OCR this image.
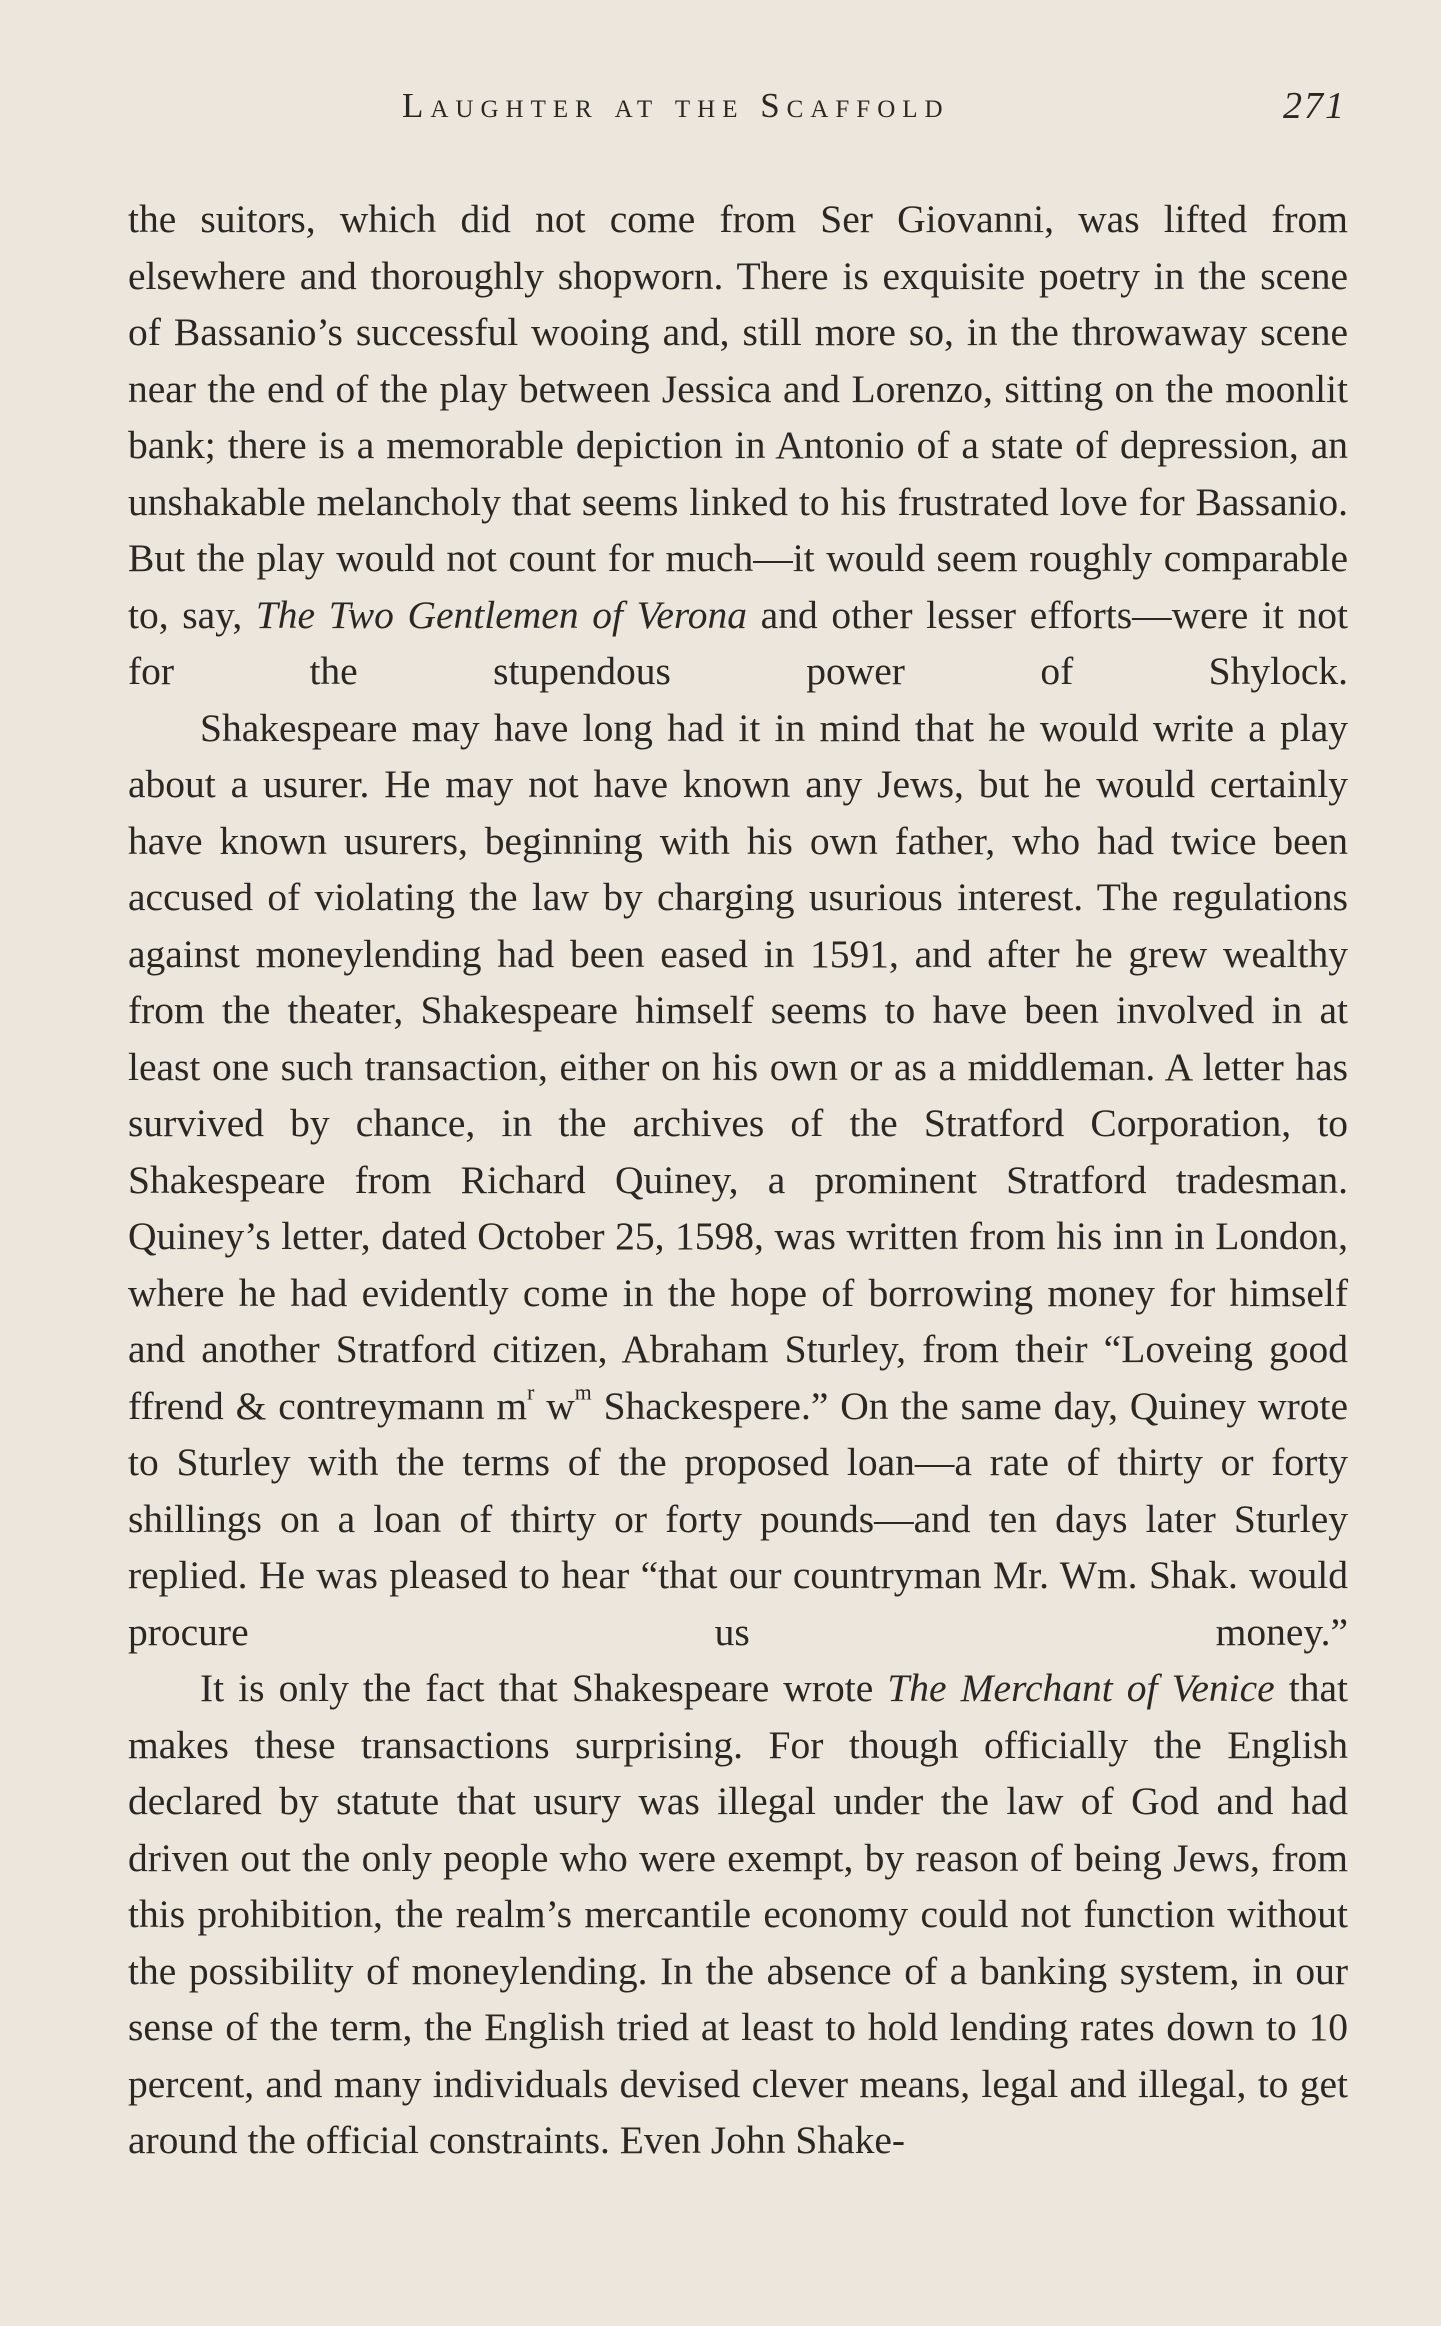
Laughter at the Scaffold	271

the suitors, which did not come from Ser Giovanni, was lifted from elsewhere and thoroughly shopworn. There is exquisite poetry in the scene of Bassanio’s successful wooing and, still more so, in the throwaway scene near the end of the play between Jessica and Lorenzo, sitting on the moonlit bank; there is a memorable depiction in Antonio of a state of depression, an unshakable melancholy that seems linked to his frustrated love for Bassanio. But the play would not count for much—it would seem roughly comparable to, say, The Two Gentlemen of Verona and other lesser efforts—were it not for the stupendous power of Shylock.

Shakespeare may have long had it in mind that he would write a play about a usurer. He may not have known any Jews, but he would certainly have known usurers, beginning with his own father, who had twice been accused of violating the law by charging usurious interest. The regulations against moneylending had been eased in 1591, and after he grew wealthy from the theater, Shakespeare himself seems to have been involved in at least one such transaction, either on his own or as a middleman. A letter has survived by chance, in the archives of the Stratford Corporation, to Shakespeare from Richard Quiney, a prominent Stratford tradesman. Quiney’s letter, dated October 25, 1598, was written from his inn in London, where he had evidently come in the hope of borrowing money for himself and another Stratford citizen, Abraham Sturley, from their “Loveing good ffrend & contreymann $m^r$ $w^m$ Shackespere.” On the same day, Quiney wrote to Sturley with the terms of the proposed loan—a rate of thirty or forty shillings on a loan of thirty or forty pounds—and ten days later Sturley replied. He was pleased to hear “that our countryman Mr. Wm. Shak. would procure us money.”

It is only the fact that Shakespeare wrote The Merchant of Venice that makes these transactions surprising. For though officially the English declared by statute that usury was illegal under the law of God and had driven out the only people who were exempt, by reason of being Jews, from this prohibition, the realm’s mercantile economy could not function without the possibility of moneylending. In the absence of a banking system, in our sense of the term, the English tried at least to hold lending rates down to 10 percent, and many individuals devised clever means, legal and illegal, to get around the official constraints. Even John Shake-
